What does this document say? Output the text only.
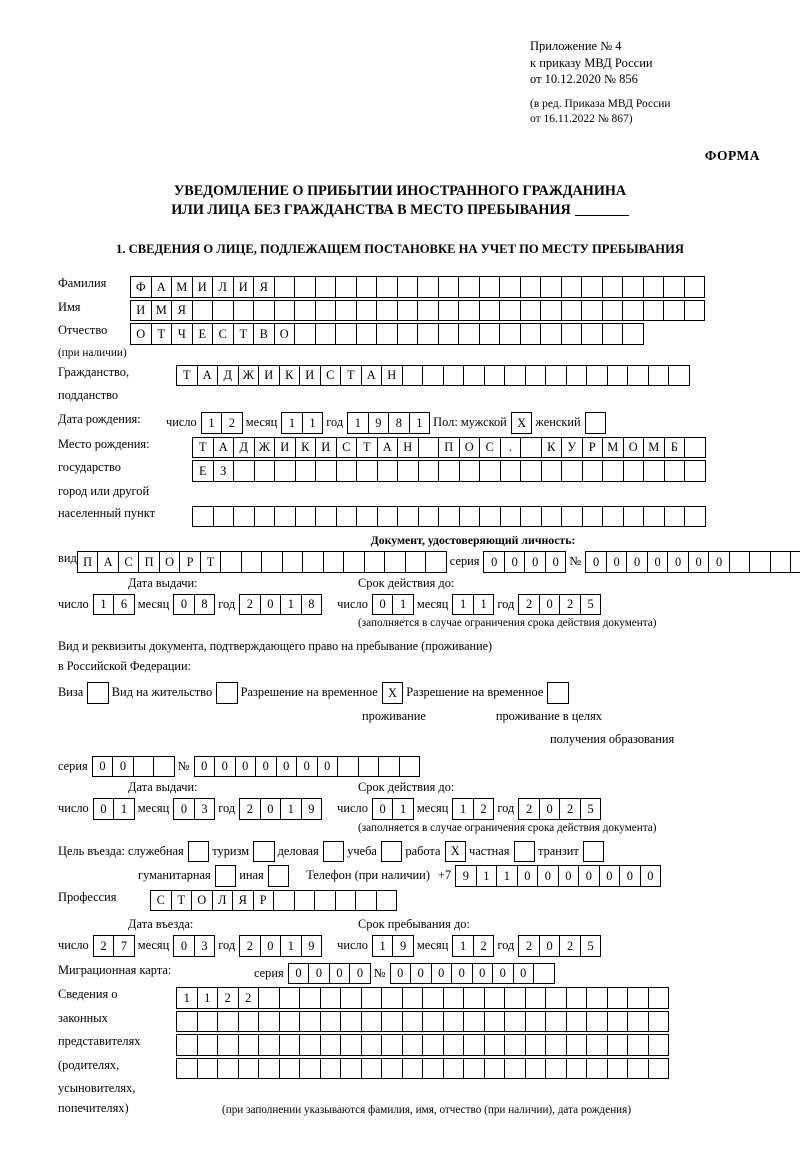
Приложение № 4
к приказу МВД России
от 10.12.2020 № 856
(в ред. Приказа МВД России
от 16.11.2022 № 867)
ФОРМА
УВЕДОМЛЕНИЕ О ПРИБЫТИИ ИНОСТРАННОГО ГРАЖДАНИНА
ИЛИ ЛИЦА БЕЗ ГРАЖДАНСТВА В МЕСТО ПРЕБЫВАНИЯ
1. СВЕДЕНИЯ О ЛИЦЕ, ПОДЛЕЖАЩЕМ ПОСТАНОВКЕ НА УЧЕТ ПО МЕСТУ ПРЕБЫВАНИЯ
Фамилия	Ф А М И Л И Я
Имя	И М Я
Отчество	О Т	Ч	Е	С	Т	В О
(при наличии)
Гражданство,	Т А Д Ж И К И С	Т А Н
подданство
Дата рождения:	число 1	2 месяц 1	1 год 1	9	8	1 Пол: мужской X женский
Место рождения:	Т А Д Ж И К И С	Т А Н	П О С	.	К У	Р М О М Б
государство	Е	З
город или другой
населенный пункт
Документ, удостоверяющий личность:
вид П А С П О	Р	Т	серия 0	0	0	0 № 0	0	0	0	0	0	0
Дата выдачи:	Срок действия до:
число 1	6 месяц 0	8 год 2	0	1	8	число 0	1 месяц 1	1 год 2	0	2	5
(заполняется в случае ограничения срока действия документа)
Вид и реквизиты документа, подтверждающего право на пребывание (проживание)
в Российской Федерации:
Виза	Вид на жительство	Разрешение на временное X Разрешение на временное
проживание	проживание в целях
получения образования
серия 0	0	№ 0	0	0	0	0	0	0
Дата выдачи:	Срок действия до:
число 0	1 месяц 0	3 год 2	0	1	9	число 0	1 месяц 1	2 год 2	0	2	5
(заполняется в случае ограничения срока действия документа)
Цель въезда: служебная	туризм	деловая	учеба	работа X частная	транзит
гуманитарная	иная	Телефон (при наличии) +7 9	1	1	0	0	0	0	0	0	0
Профессия	С	Т О Л Я	Р
Дата въезда:	Срок пребывания до:
число 2	7 месяц 0	3 год 2	0	1	9	число 1	9 месяц 1	2 год 2	0	2	5
Миграционная карта:	серия 0	0	0	0 № 0	0	0	0	0	0	0
Сведения о	1	1	2	2
законных
представителях
(родителях,
усыновителях,
попечителях)	(при заполнении указываются фамилия, имя, отчество (при наличии), дата рождения)
